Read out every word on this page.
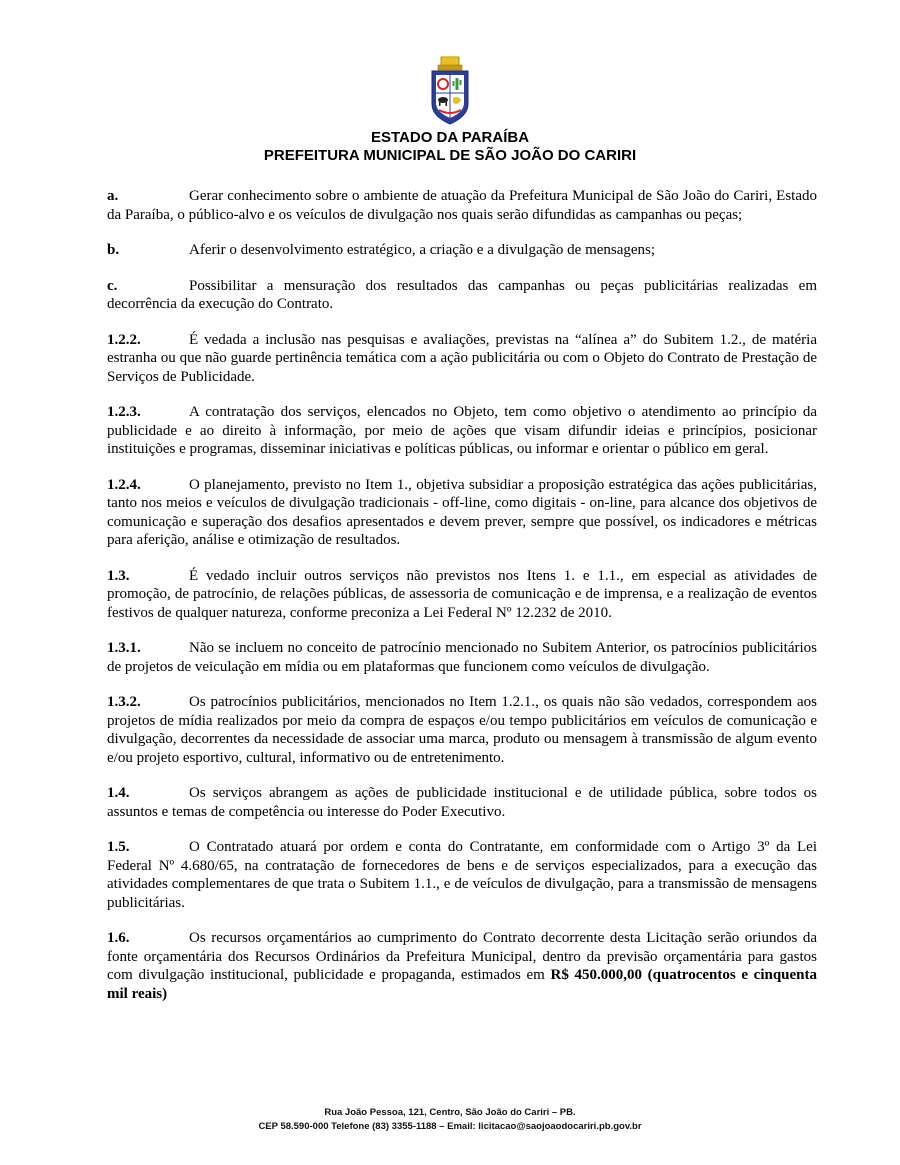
ESTADO DA PARAÍBA
PREFEITURA MUNICIPAL DE SÃO JOÃO DO CARIRI

a.	Gerar conhecimento sobre o ambiente de atuação da Prefeitura Municipal de São João do Cariri, Estado da Paraíba, o público-alvo e os veículos de divulgação nos quais serão difundidas as campanhas ou peças;

b.	Aferir o desenvolvimento estratégico, a criação e a divulgação de mensagens;

c.	Possibilitar a mensuração dos resultados das campanhas ou peças publicitárias realizadas em decorrência da execução do Contrato.

1.2.2.	É vedada a inclusão nas pesquisas e avaliações, previstas na “alínea a” do Subitem 1.2., de matéria estranha ou que não guarde pertinência temática com a ação publicitária ou com o Objeto do Contrato de Prestação de Serviços de Publicidade.

1.2.3.	A contratação dos serviços, elencados no Objeto, tem como objetivo o atendimento ao princípio da publicidade e ao direito à informação, por meio de ações que visam difundir ideias e princípios, posicionar instituições e programas, disseminar iniciativas e políticas públicas, ou informar e orientar o público em geral.

1.2.4.	O planejamento, previsto no Item 1., objetiva subsidiar a proposição estratégica das ações publicitárias, tanto nos meios e veículos de divulgação tradicionais - off-line, como digitais - on-line, para alcance dos objetivos de comunicação e superação dos desafios apresentados e devem prever, sempre que possível, os indicadores e métricas para aferição, análise e otimização de resultados.

1.3.	É vedado incluir outros serviços não previstos nos Itens 1. e 1.1., em especial as atividades de promoção, de patrocínio, de relações públicas, de assessoria de comunicação e de imprensa, e a realização de eventos festivos de qualquer natureza, conforme preconiza a Lei Federal Nº 12.232 de 2010.

1.3.1.	Não se incluem no conceito de patrocínio mencionado no Subitem Anterior, os patrocínios publicitários de projetos de veiculação em mídia ou em plataformas que funcionem como veículos de divulgação.

1.3.2.	Os patrocínios publicitários, mencionados no Item 1.2.1., os quais não são vedados, correspondem aos projetos de mídia realizados por meio da compra de espaços e/ou tempo publicitários em veículos de comunicação e divulgação, decorrentes da necessidade de associar uma marca, produto ou mensagem à transmissão de algum evento e/ou projeto esportivo, cultural, informativo ou de entretenimento.

1.4.	Os serviços abrangem as ações de publicidade institucional e de utilidade pública, sobre todos os assuntos e temas de competência ou interesse do Poder Executivo.

1.5.	O Contratado atuará por ordem e conta do Contratante, em conformidade com o Artigo 3º da Lei Federal Nº 4.680/65, na contratação de fornecedores de bens e de serviços especializados, para a execução das atividades complementares de que trata o Subitem 1.1., e de veículos de divulgação, para a transmissão de mensagens publicitárias.

1.6.	Os recursos orçamentários ao cumprimento do Contrato decorrente desta Licitação serão oriundos da fonte orçamentária dos Recursos Ordinários da Prefeitura Municipal, dentro da previsão orçamentária para gastos com divulgação institucional, publicidade e propaganda, estimados em R$ 450.000,00 (quatrocentos e cinquenta mil reais)

Rua João Pessoa, 121, Centro, São João do Cariri – PB.
CEP 58.590-000 Telefone (83) 3355-1188 – Email: licitacao@saojoaodocariri.pb.gov.br
